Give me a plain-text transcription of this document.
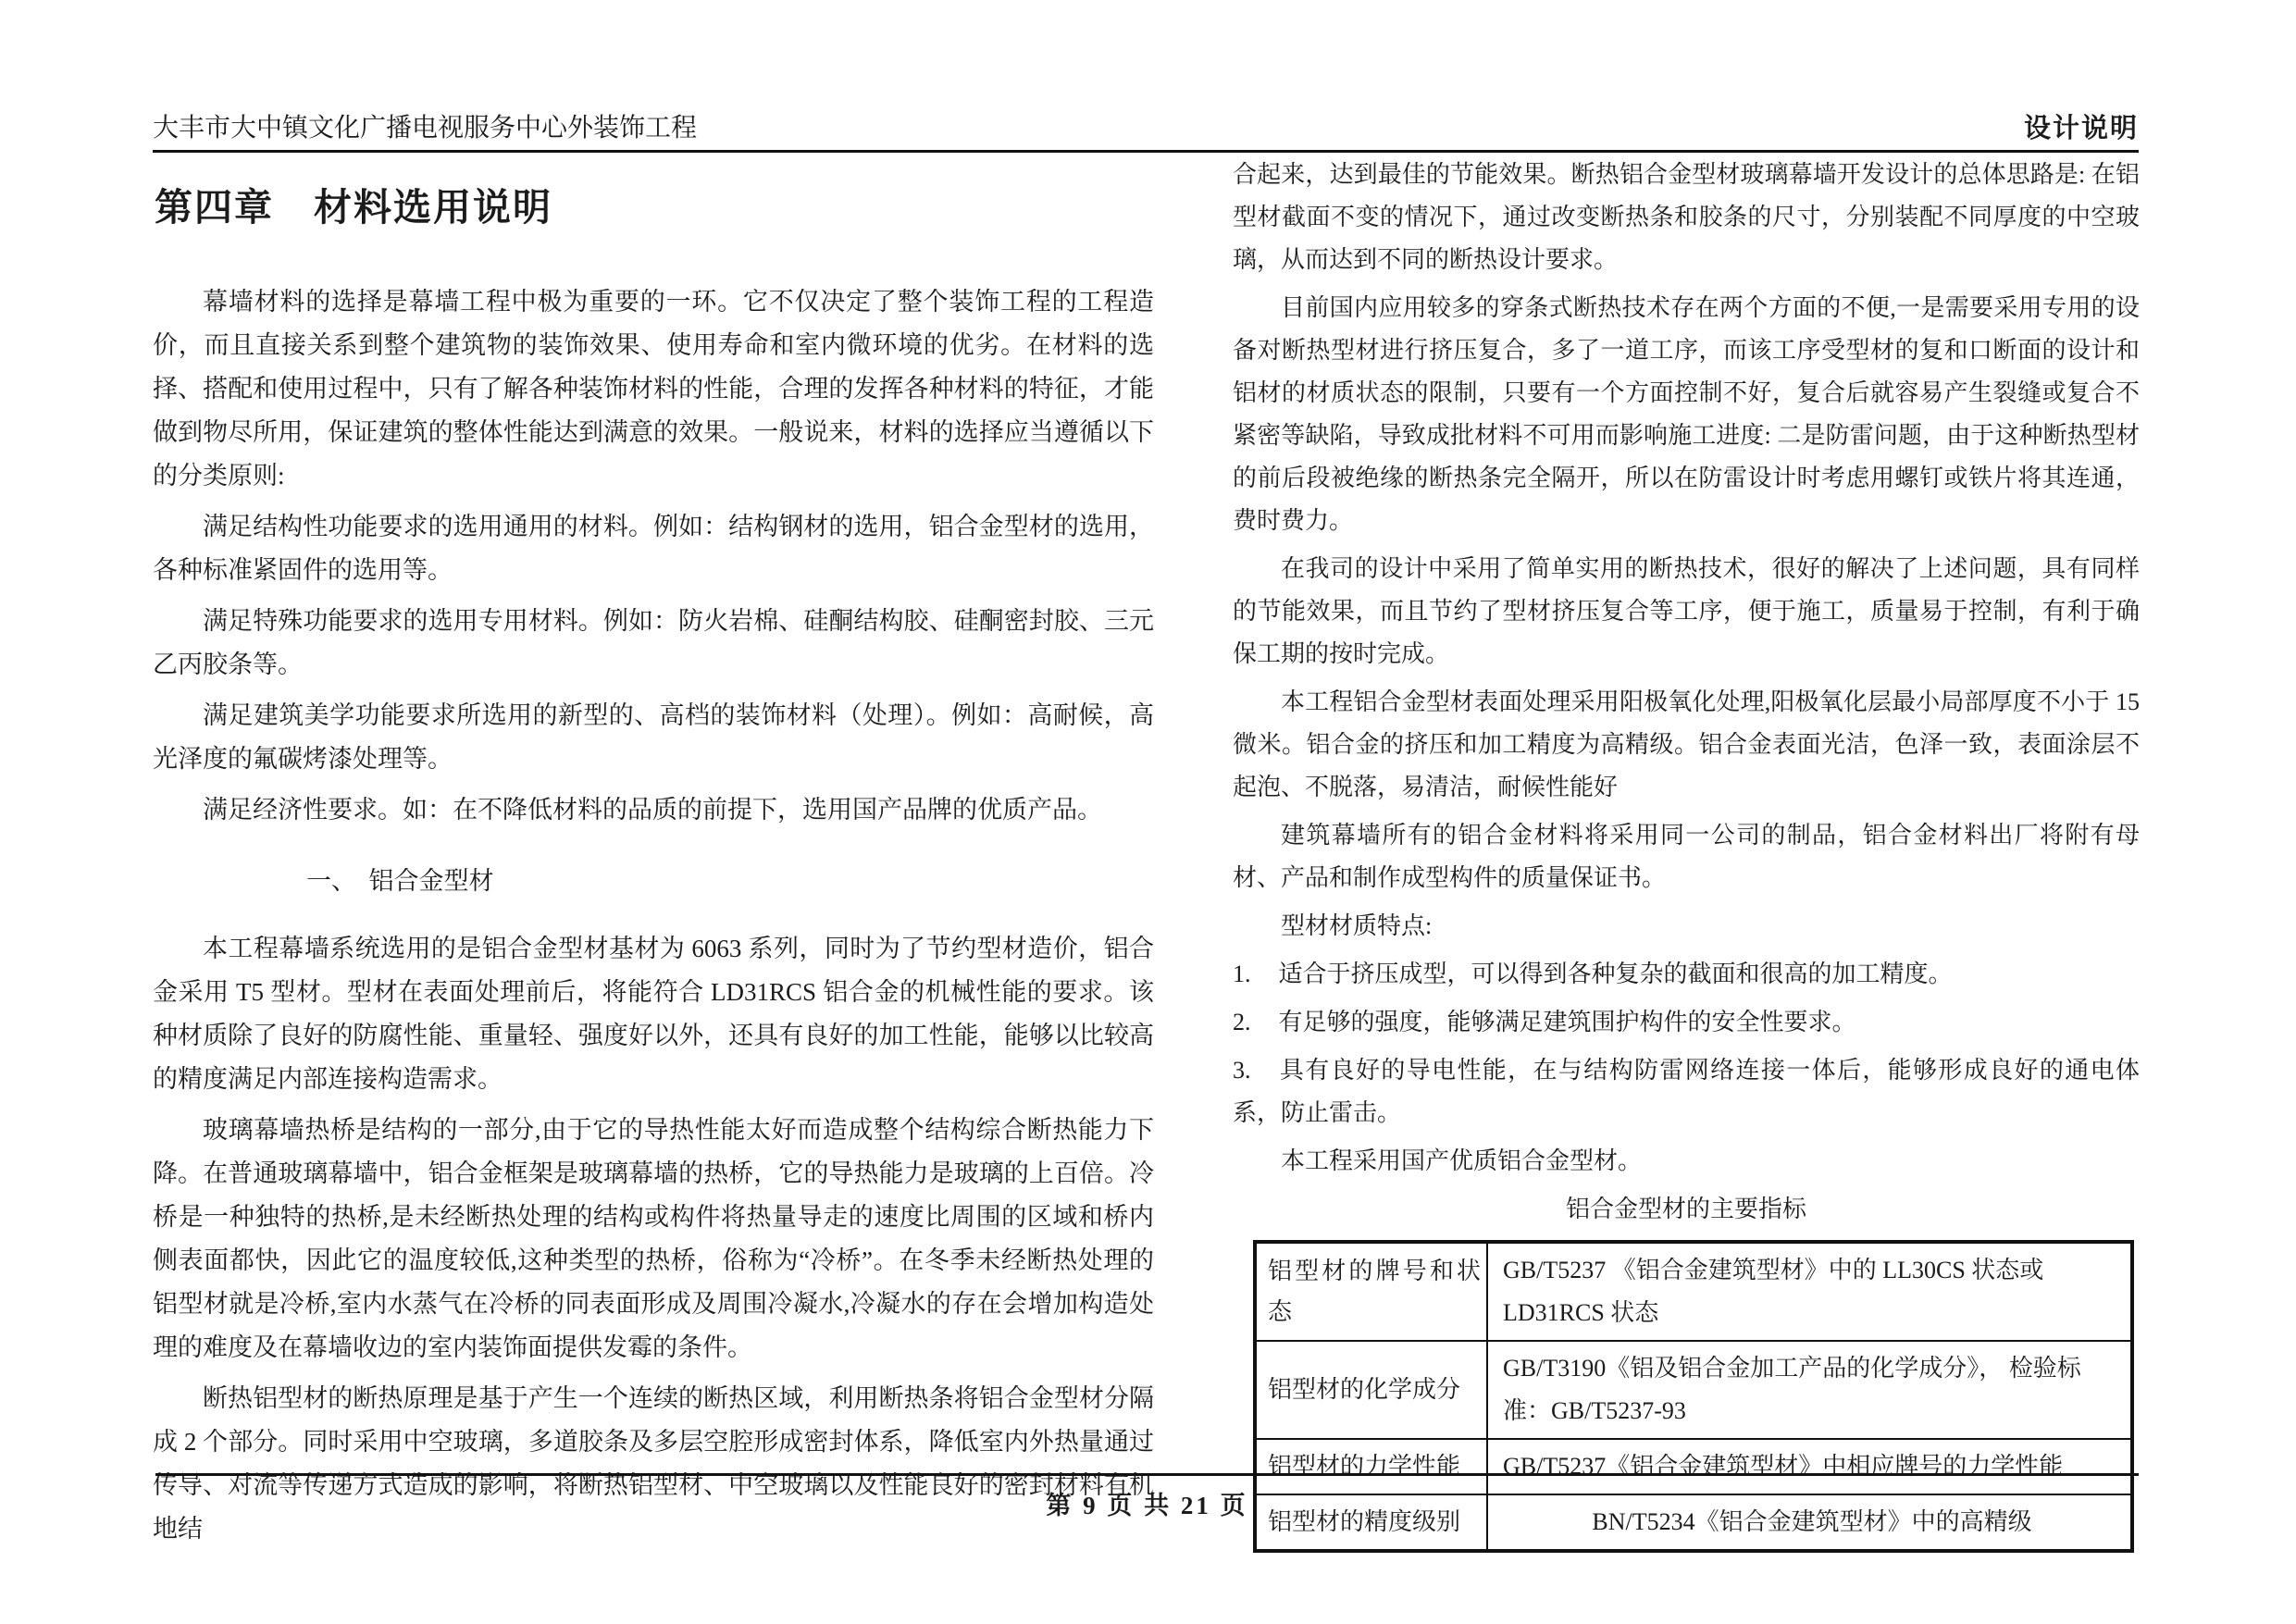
大丰市大中镇文化广播电视服务中心外装饰工程	设计说明
第四章　材料选用说明

幕墙材料的选择是幕墙工程中极为重要的一环。它不仅决定了整个装饰工程的工程造价，而且直接关系到整个建筑物的装饰效果、使用寿命和室内微环境的优劣。在材料的选择、搭配和使用过程中，只有了解各种装饰材料的性能，合理的发挥各种材料的特征，才能做到物尽所用，保证建筑的整体性能达到满意的效果。一般说来，材料的选择应当遵循以下的分类原则:

满足结构性功能要求的选用通用的材料。例如：结构钢材的选用，铝合金型材的选用，各种标准紧固件的选用等。

满足特殊功能要求的选用专用材料。例如：防火岩棉、硅酮结构胶、硅酮密封胶、三元乙丙胶条等。

满足建筑美学功能要求所选用的新型的、高档的装饰材料（处理）。例如：高耐候，高光泽度的氟碳烤漆处理等。

满足经济性要求。如：在不降低材料的品质的前提下，选用国产品牌的优质产品。

一、　铝合金型材

本工程幕墙系统选用的是铝合金型材基材为 6063 系列，同时为了节约型材造价，铝合金采用 T5 型材。型材在表面处理前后，将能符合 LD31RCS 铝合金的机械性能的要求。该种材质除了良好的防腐性能、重量轻、强度好以外，还具有良好的加工性能，能够以比较高的精度满足内部连接构造需求。

玻璃幕墙热桥是结构的一部分,由于它的导热性能太好而造成整个结构综合断热能力下降。在普通玻璃幕墙中，铝合金框架是玻璃幕墙的热桥，它的导热能力是玻璃的上百倍。冷桥是一种独特的热桥,是未经断热处理的结构或构件将热量导走的速度比周围的区域和桥内侧表面都快，因此它的温度较低,这种类型的热桥，俗称为“冷桥”。在冬季未经断热处理的铝型材就是冷桥,室内水蒸气在冷桥的同表面形成及周围冷凝水,冷凝水的存在会增加构造处理的难度及在幕墙收边的室内装饰面提供发霉的条件。

断热铝型材的断热原理是基于产生一个连续的断热区域，利用断热条将铝合金型材分隔成 2 个部分。同时采用中空玻璃，多道胶条及多层空腔形成密封体系，降低室内外热量通过传导、对流等传递方式造成的影响，将断热铝型材、中空玻璃以及性能良好的密封材料有机地结

合起来，达到最佳的节能效果。断热铝合金型材玻璃幕墙开发设计的总体思路是: 在铝型材截面不变的情况下，通过改变断热条和胶条的尺寸，分别装配不同厚度的中空玻璃，从而达到不同的断热设计要求。

目前国内应用较多的穿条式断热技术存在两个方面的不便,一是需要采用专用的设备对断热型材进行挤压复合，多了一道工序，而该工序受型材的复和口断面的设计和铝材的材质状态的限制，只要有一个方面控制不好，复合后就容易产生裂缝或复合不紧密等缺陷，导致成批材料不可用而影响施工进度: 二是防雷问题，由于这种断热型材的前后段被绝缘的断热条完全隔开，所以在防雷设计时考虑用螺钉或铁片将其连通，费时费力。

在我司的设计中采用了简单实用的断热技术，很好的解决了上述问题，具有同样的节能效果，而且节约了型材挤压复合等工序，便于施工，质量易于控制，有利于确保工期的按时完成。

本工程铝合金型材表面处理采用阳极氧化处理,阳极氧化层最小局部厚度不小于 15 微米。铝合金的挤压和加工精度为高精级。铝合金表面光洁，色泽一致，表面涂层不起泡、不脱落，易清洁，耐候性能好

建筑幕墙所有的铝合金材料将采用同一公司的制品，铝合金材料出厂将附有母材、产品和制作成型构件的质量保证书。

型材材质特点:

1. 适合于挤压成型，可以得到各种复杂的截面和很高的加工精度。

2. 有足够的强度，能够满足建筑围护构件的安全性要求。

3. 具有良好的导电性能，在与结构防雷网络连接一体后，能够形成良好的通电体系，防止雷击。

本工程采用国产优质铝合金型材。

铝合金型材的主要指标
铝型材的牌号和状态	GB/T5237 《铝合金建筑型材》中的 LL30CS 状态或 LD31RCS 状态
铝型材的化学成分	GB/T3190《铝及铝合金加工产品的化学成分》， 检验标准：GB/T5237-93
铝型材的力学性能	GB/T5237《铝合金建筑型材》中相应牌号的力学性能
铝型材的精度级别	BN/T5234《铝合金建筑型材》中的高精级
第 9 页 共 21 页
